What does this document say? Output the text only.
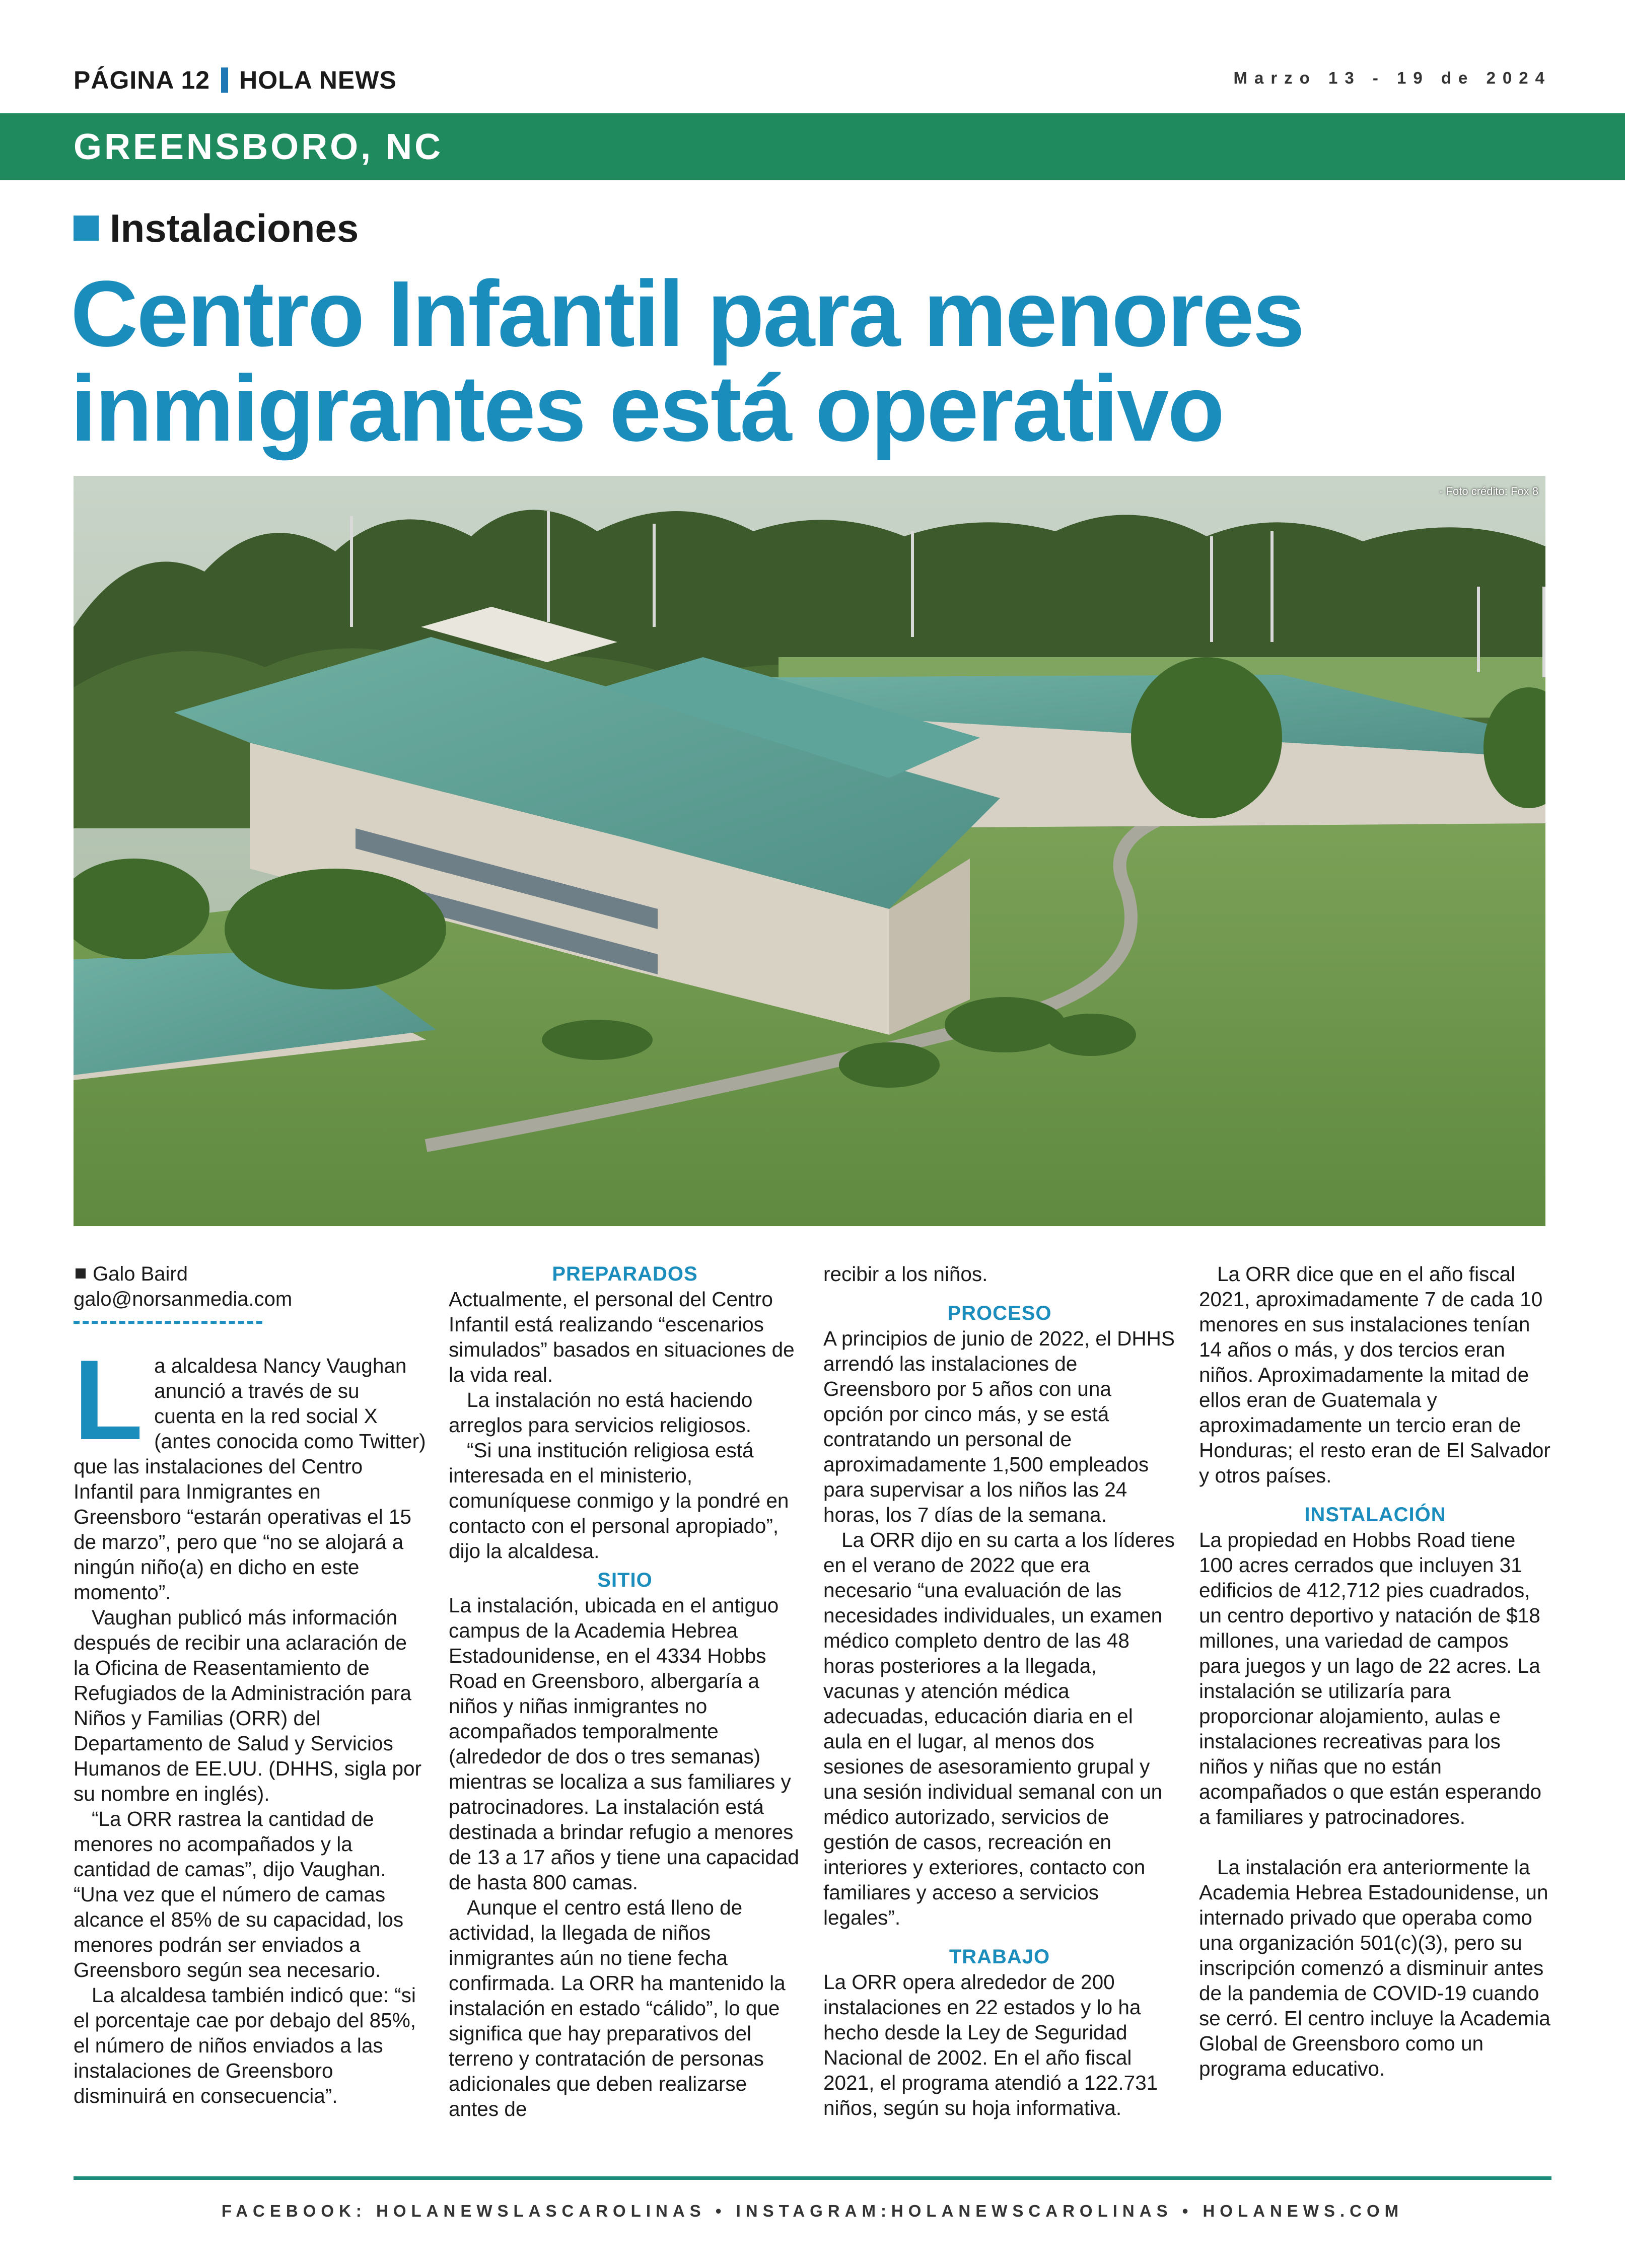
PÁGINA 12 HOLA NEWS	Marzo 13 - 19 de 2024
GREENSBORO, NC
Instalaciones
Centro Infantil para menores
inmigrantes está operativo
- Foto crédito: Fox 8
Galo Baird
galo@norsanmedia.com

La alcaldesa Nancy Vaughan anunció a través de su cuenta en la red social X (antes conocida como Twitter) que las instalaciones del Centro Infantil para Inmigrantes en Greensboro “estarán operativas el 15 de marzo”, pero que “no se alojará a ningún niño(a) en dicho en este momento”.

Vaughan publicó más información después de recibir una aclaración de la Oficina de Reasentamiento de Refugiados de la Administración para Niños y Familias (ORR) del Departamento de Salud y Servicios Humanos de EE.UU. (DHHS, sigla por su nombre en inglés).

“La ORR rastrea la cantidad de menores no acompañados y la cantidad de camas”, dijo Vaughan. “Una vez que el número de camas alcance el 85% de su capacidad, los menores podrán ser enviados a Greensboro según sea necesario.

La alcaldesa también indicó que: “si el porcentaje cae por debajo del 85%, el número de niños enviados a las instalaciones de Greensboro disminuirá en consecuencia”.

PREPARADOS

Actualmente, el personal del Centro Infantil está realizando “escenarios simulados” basados en situaciones de la vida real.

La instalación no está haciendo arreglos para servicios religiosos.

“Si una institución religiosa está interesada en el ministerio, comuníquese conmigo y la pondré en contacto con el personal apropiado”, dijo la alcaldesa.

SITIO

La instalación, ubicada en el antiguo campus de la Academia Hebrea Estadounidense, en el 4334 Hobbs Road en Greensboro, albergaría a niños y niñas inmigrantes no acompañados temporalmente (alrededor de dos o tres semanas) mientras se localiza a sus familiares y patrocinadores. La instalación está destinada a brindar refugio a menores de 13 a 17 años y tiene una capacidad de hasta 800 camas.

Aunque el centro está lleno de actividad, la llegada de niños inmigrantes aún no tiene fecha confirmada. La ORR ha mantenido la instalación en estado “cálido”, lo que significa que hay preparativos del terreno y contratación de personas adicionales que deben realizarse antes de

recibir a los niños.

PROCESO

A principios de junio de 2022, el DHHS arrendó las instalaciones de Greensboro por 5 años con una opción por cinco más, y se está contratando un personal de aproximadamente 1,500 empleados para supervisar a los niños las 24 horas, los 7 días de la semana.

La ORR dijo en su carta a los líderes en el verano de 2022 que era necesario “una evaluación de las necesidades individuales, un examen médico completo dentro de las 48 horas posteriores a la llegada, vacunas y atención médica adecuadas, educación diaria en el aula en el lugar, al menos dos sesiones de asesoramiento grupal y una sesión individual semanal con un médico autorizado, servicios de gestión de casos, recreación en interiores y exteriores, contacto con familiares y acceso a servicios legales”.

TRABAJO

La ORR opera alrededor de 200 instalaciones en 22 estados y lo ha hecho desde la Ley de Seguridad Nacional de 2002. En el año fiscal 2021, el programa atendió a 122.731 niños, según su hoja informativa.

La ORR dice que en el año fiscal 2021, aproximadamente 7 de cada 10 menores en sus instalaciones tenían 14 años o más, y dos tercios eran niños. Aproximadamente la mitad de ellos eran de Guatemala y aproximadamente un tercio eran de Honduras; el resto eran de El Salvador y otros países.

INSTALACIÓN

La propiedad en Hobbs Road tiene 100 acres cerrados que incluyen 31 edificios de 412,712 pies cuadrados, un centro deportivo y natación de $18 millones, una variedad de campos para juegos y un lago de 22 acres. La instalación se utilizaría para proporcionar alojamiento, aulas e instalaciones recreativas para los niños y niñas que no están acompañados o que están esperando a familiares y patrocinadores.

La instalación era anteriormente la Academia Hebrea Estadounidense, un internado privado que operaba como una organización 501(c)(3), pero su inscripción comenzó a disminuir antes de la pandemia de COVID-19 cuando se cerró. El centro incluye la Academia Global de Greensboro como un programa educativo.

FACEBOOK: HOLANEWSLASCAROLINAS • INSTAGRAM:HOLANEWSCAROLINAS • HOLANEWS.COM
